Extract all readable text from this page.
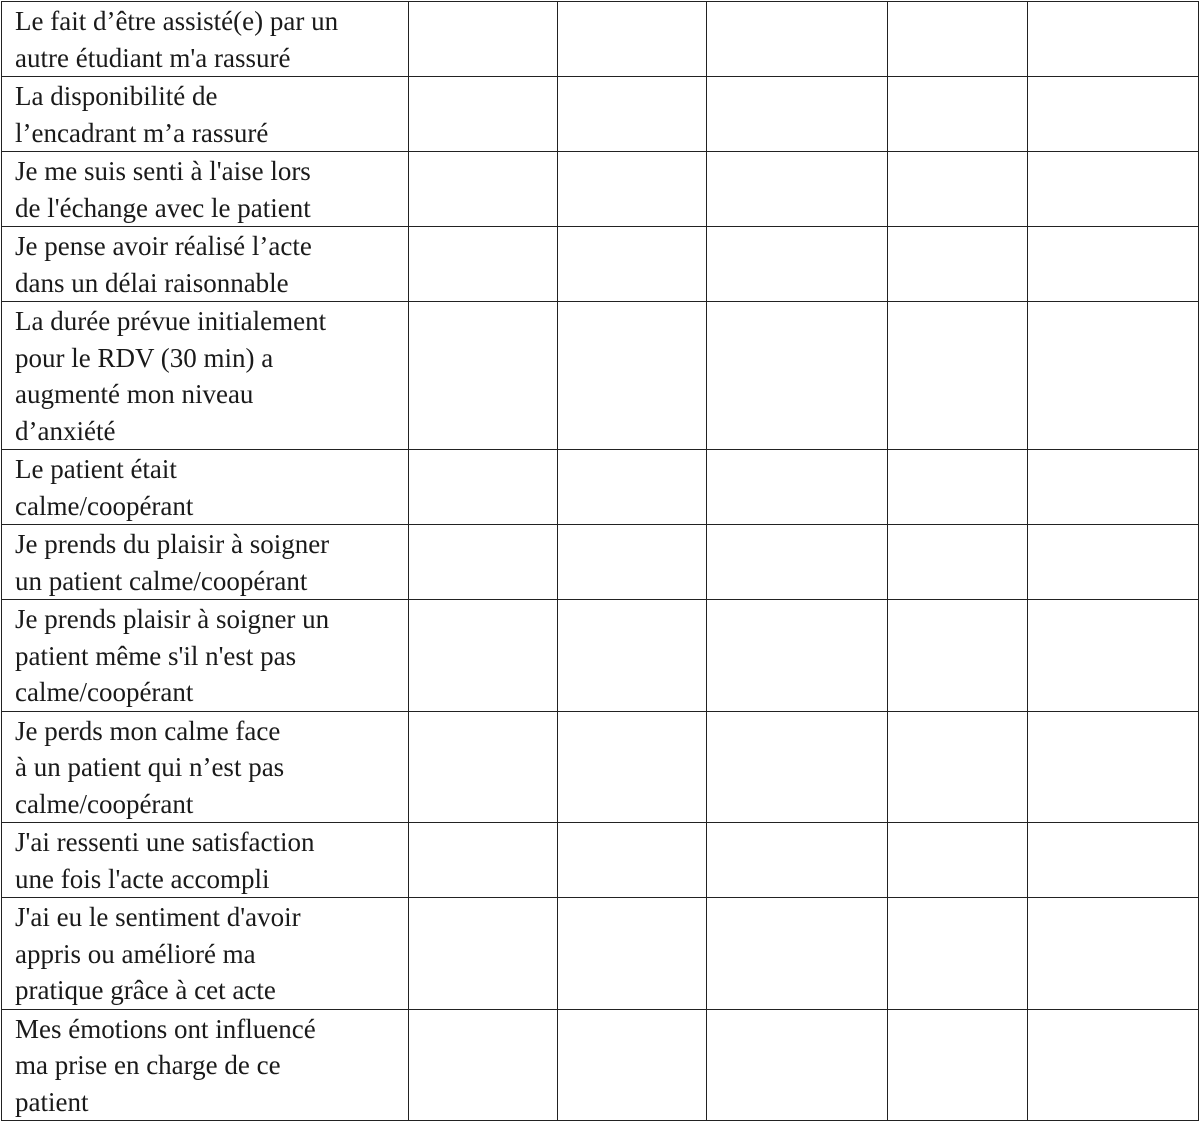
Le fait d’être assisté(e) par un
autre étudiant m'a rassuré					

La disponibilité de
l’encadrant m’a rassuré					

Je me suis senti à l'aise lors
de l'échange avec le patient					

Je pense avoir réalisé l’acte
dans un délai raisonnable					

La durée prévue initialement
pour le RDV (30 min) a
augmenté mon niveau
d’anxiété					

Le patient était
calme/coopérant					

Je prends du plaisir à soigner
un patient calme/coopérant					

Je prends plaisir à soigner un
patient même s'il n'est pas
calme/coopérant					

Je perds mon calme face
à un patient qui n’est pas
calme/coopérant					

J'ai ressenti une satisfaction
une fois l'acte accompli					

J'ai eu le sentiment d'avoir
appris ou amélioré ma
pratique grâce à cet acte					

Mes émotions ont influencé
ma prise en charge de ce
patient					
